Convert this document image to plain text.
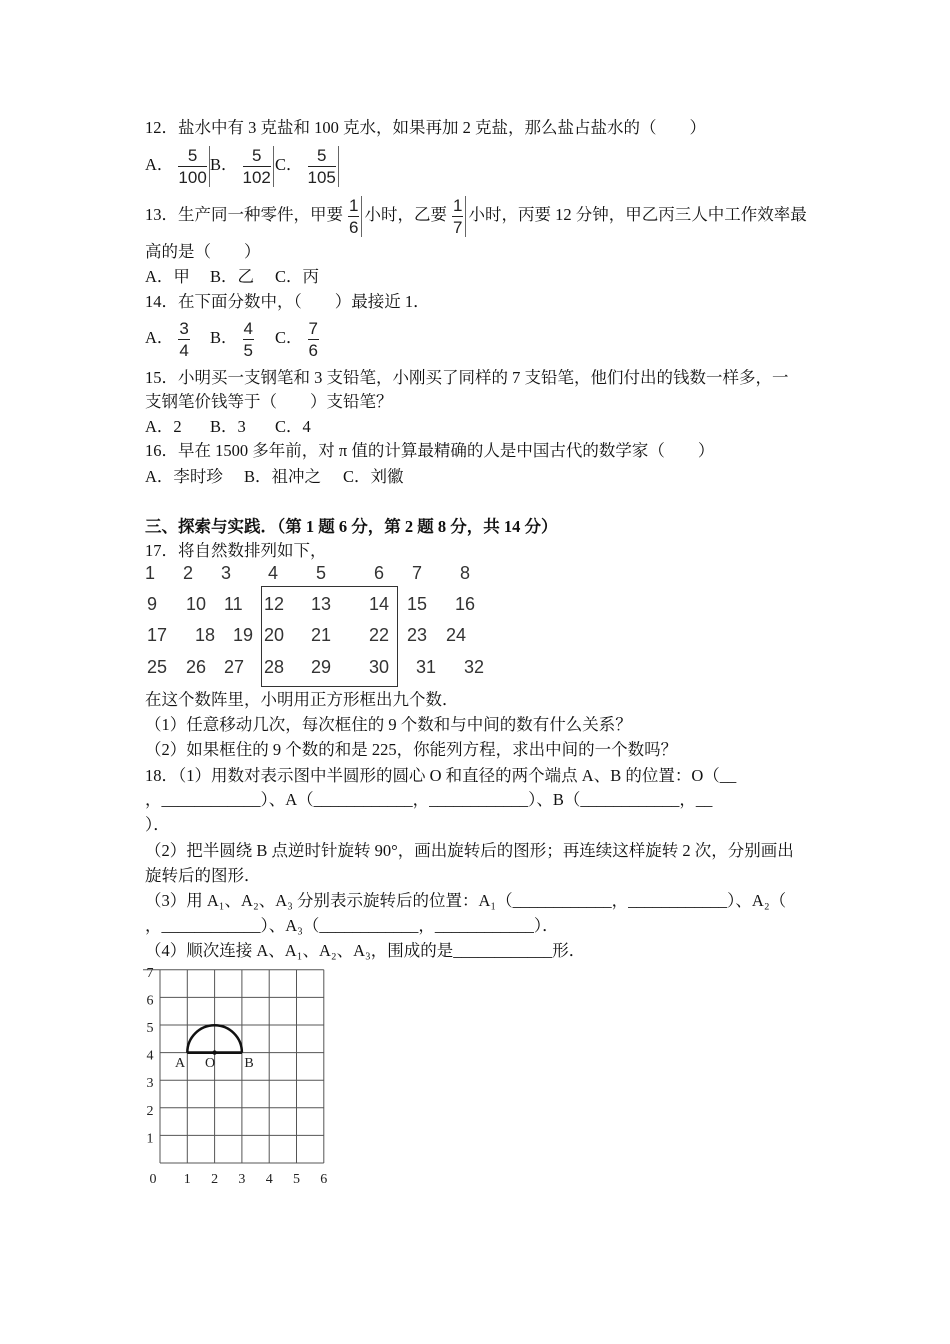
12．盐水中有 3 克盐和 100 克水，如果再加 2 克盐，那么盐占盐水的（　　）
A． $\frac{5}{100}$ B． $\frac{5}{102}$ C． $\frac{5}{105}$
13．生产同一种零件，甲要 $\frac{1}{6}$ 小时，乙要 $\frac{1}{7}$ 小时，丙要 12 分钟，甲乙丙三人中工作效率最
高的是（　　）
A．甲 B．乙 C．丙
14．在下面分数中，（　　）最接近 1．
A． $\frac{3}{4}$ B． $\frac{4}{5}$ C． $\frac{7}{6}$
15．小明买一支钢笔和 3 支铅笔，小刚买了同样的 7 支铅笔，他们付出的钱数一样多，一
支钢笔价钱等于（　　）支铅笔？
A．2 B．3 C．4
16．早在 1500 多年前，对 π 值的计算最精确的人是中国古代的数学家（　　）
A．李时珍 B．祖冲之 C．刘徽
三、探索与实践．（第 1 题 6 分，第 2 题 8 分，共 14 分）
17．将自然数排列如下，
1 2 3 4 5	6 7 8
9 10 11 12 13 14 15 16
17 18 19 20 21 22 23 24
25 26 27 28 29 30 31 32
在这个数阵里，小明用正方形框出九个数．
（1）任意移动几次，每次框住的 9 个数和与中间的数有什么关系？
（2）如果框住的 9 个数的和是 225，你能列方程，求出中间的一个数吗？
18．（1）用数对表示图中半圆形的圆心 O 和直径的两个端点 A、B 的位置：O（__
，____________）、A（____________，____________）、B（____________，__
）．
（2）把半圆绕 B 点逆时针旋转 90°，画出旋转后的图形；再连续这样旋转 2 次，分别画出
旋转后的图形．
（3）用 A₁、A₂、A₃ 分别表示旋转后的位置：A₁（____________，____________）、A₂（
，____________）、A₃（____________，____________）．
（4）顺次连接 A、A₁、A₂、A₃，围成的是____________形．
1
2
3
4
5
6
7
0 1 2 3 4 5 6
A O B
